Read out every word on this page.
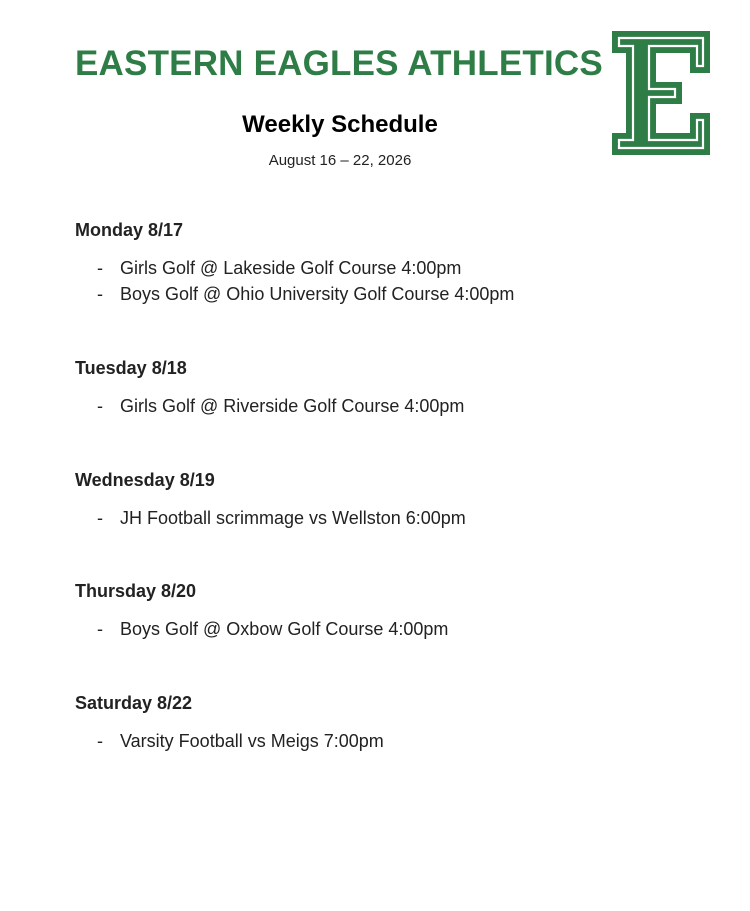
EASTERN EAGLES ATHLETICS
Weekly Schedule
August 16 – 22, 2026
Monday 8/17
- Girls Golf @ Lakeside Golf Course 4:00pm
- Boys Golf @ Ohio University Golf Course 4:00pm
Tuesday 8/18
- Girls Golf @ Riverside Golf Course 4:00pm
Wednesday 8/19
- JH Football scrimmage vs Wellston 6:00pm
Thursday 8/20
- Boys Golf @ Oxbow Golf Course 4:00pm
Saturday 8/22
- Varsity Football vs Meigs 7:00pm
